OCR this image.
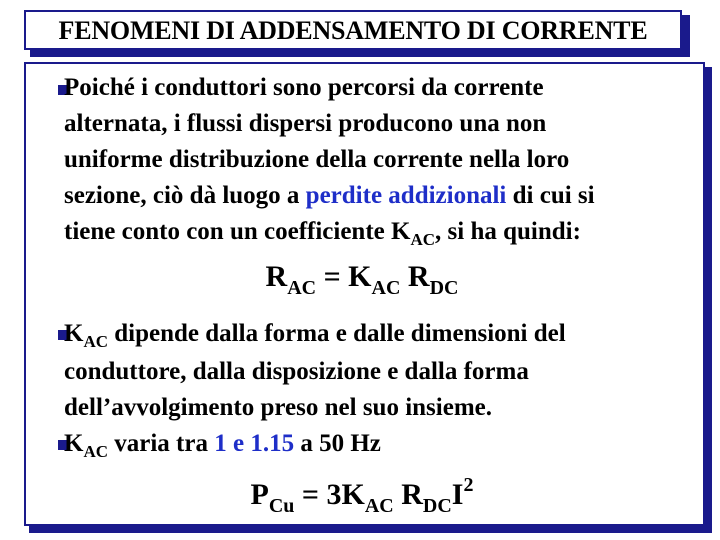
FENOMENI DI ADDENSAMENTO DI CORRENTE
Poiché i conduttori sono percorsi da corrente
alternata, i flussi dispersi producono una non
uniforme distribuzione della corrente nella loro
sezione, ciò dà luogo a perdite addizionali di cui si
tiene conto con un coefficiente $K_{AC}$, si ha quindi:
$R_{AC} = K_{AC}$ $R_{DC}$
$K_{AC}$ dipende dalla forma e dalle dimensioni del
conduttore, dalla disposizione e dalla forma
dell’avvolgimento preso nel suo insieme.
$K_{AC}$ varia tra 1 e 1.15 a 50 Hz
$P_{Cu} = 3K_{AC}$ $R_{DC}I^2$
